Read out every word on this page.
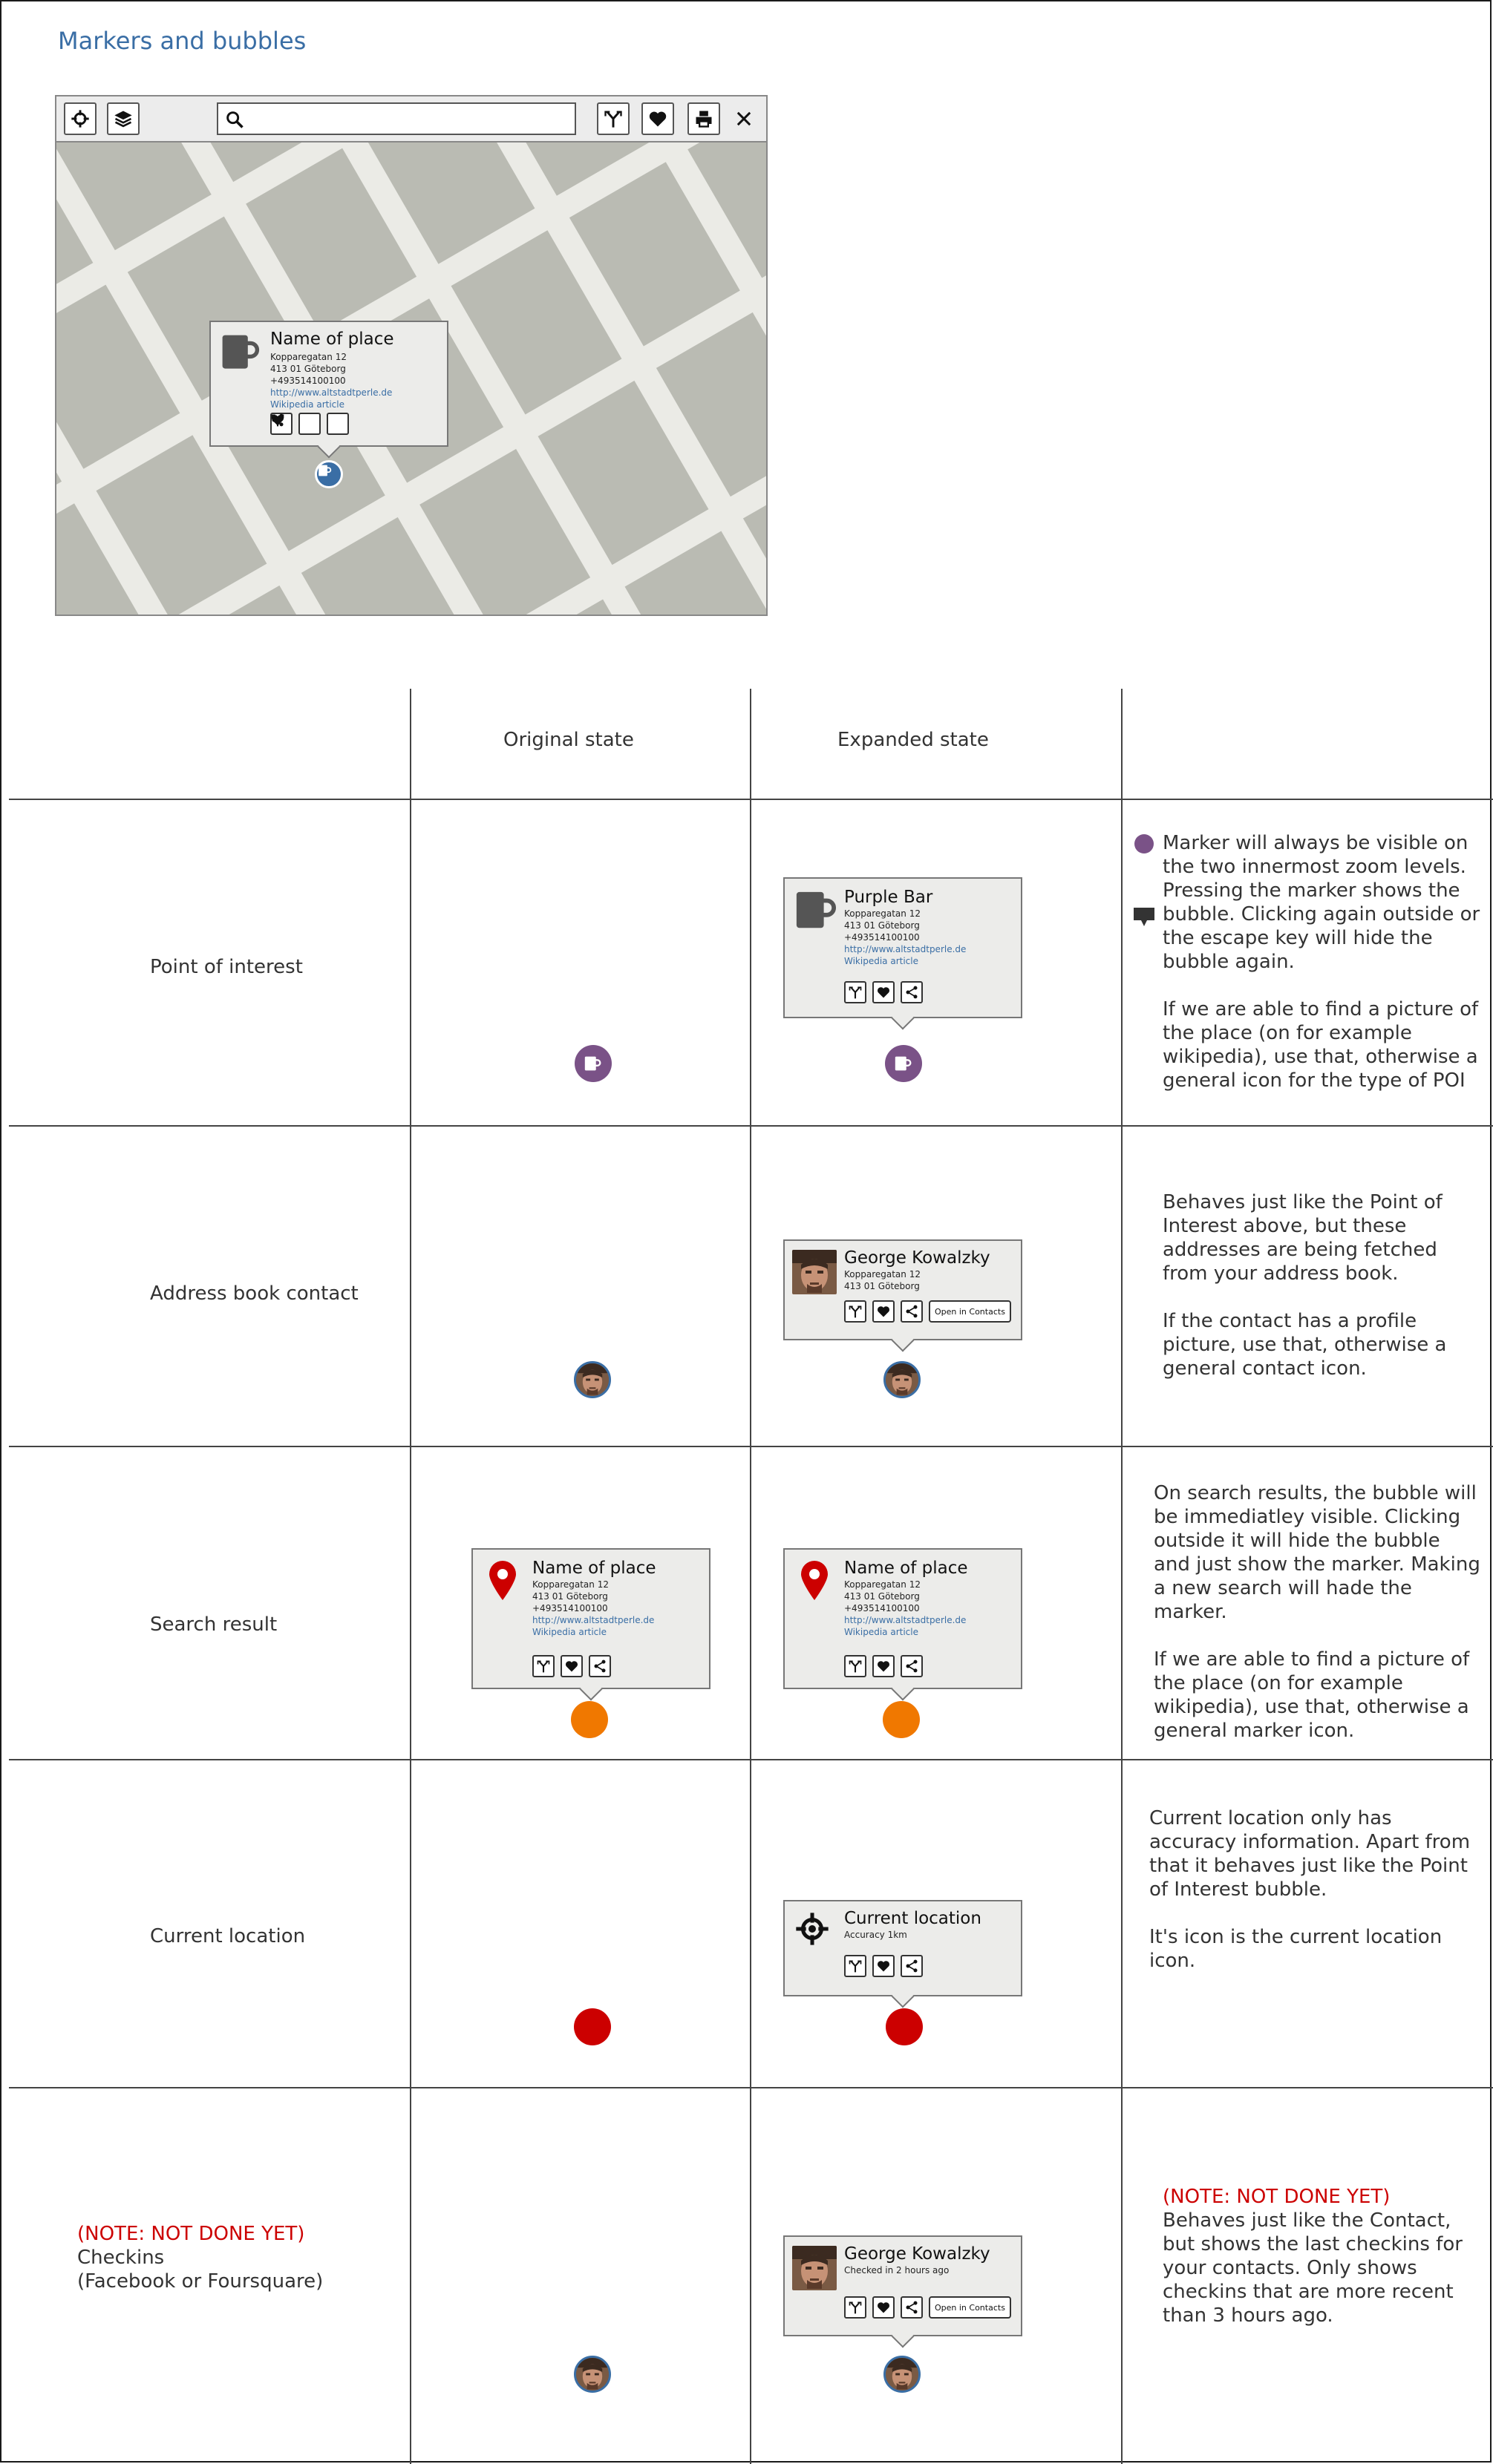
Markers and bubbles
Name of place
Kopparegatan 12
413 01 Göteborg
+493514100100
http://www.altstadtperle.de
Wikipedia article
Original state	Expanded state
Point of interest
Purple Bar
Kopparegatan 12
413 01 Göteborg
+493514100100
http://www.altstadtperle.de
Wikipedia article

Marker will always be visible on the two innermost zoom levels. Pressing the marker shows the bubble. Clicking again outside or the escape key will hide the bubble again.

If we are able to find a picture of the place (on for example wikipedia), use that, otherwise a general icon for the type of POI

Address book contact
George Kowalzky
Kopparegatan 12
413 01 Göteborg
Open in Contacts

Behaves just like the Point of Interest above, but these addresses are being fetched from your address book.

If the contact has a profile picture, use that, otherwise a general contact icon.

Search result
Name of place
Kopparegatan 12
413 01 Göteborg
+493514100100
http://www.altstadtperle.de
Wikipedia article
Name of place
Kopparegatan 12
413 01 Göteborg
+493514100100
http://www.altstadtperle.de
Wikipedia article

On search results, the bubble will be immediatley visible. Clicking outside it will hide the bubble and just show the marker. Making a new search will hade the marker.

If we are able to find a picture of the place (on for example wikipedia), use that, otherwise a general marker icon.

Current location
Current location
Accuracy 1km

Current location only has accuracy information. Apart from that it behaves just like the Point of Interest bubble.

It's icon is the current location icon.

(NOTE: NOT DONE YET)
Checkins
(Facebook or Foursquare)
George Kowalzky
Checked in 2 hours ago
Open in Contacts
(NOTE: NOT DONE YET)
Behaves just like the Contact, but shows the last checkins for your contacts. Only shows checkins that are more recent than 3 hours ago.
